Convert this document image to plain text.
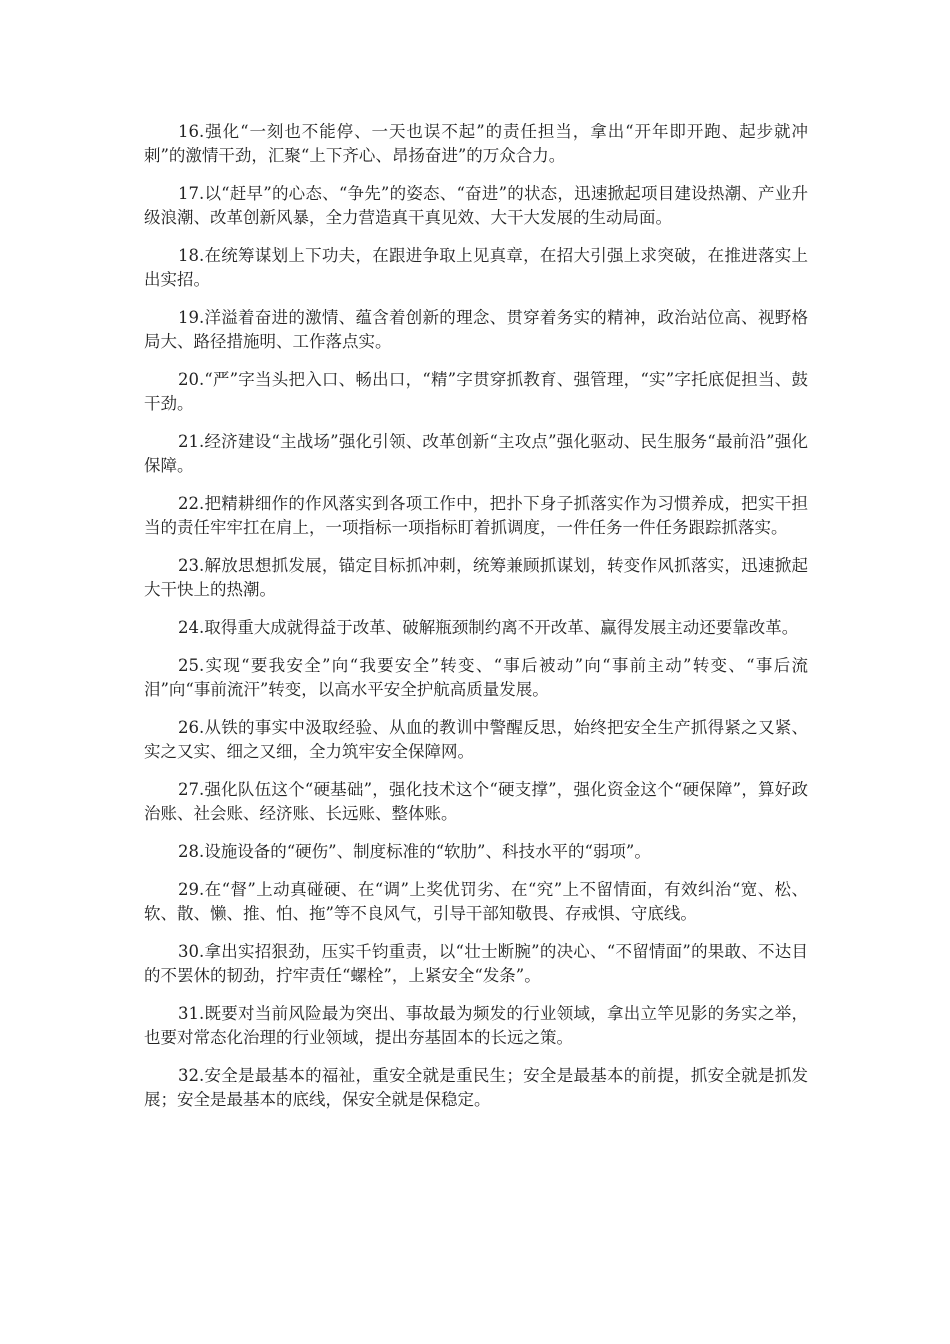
16.强化“一刻也不能停、一天也误不起”的责任担当，拿出“开年即开跑、起步就冲刺”的激情干劲，汇聚“上下齐心、昂扬奋进”的万众合力。

17.以“赶早”的心态、“争先”的姿态、“奋进”的状态，迅速掀起项目建设热潮、产业升级浪潮、改革创新风暴，全力营造真干真见效、大干大发展的生动局面。

18.在统筹谋划上下功夫，在跟进争取上见真章，在招大引强上求突破，在推进落实上出实招。

19.洋溢着奋进的激情、蕴含着创新的理念、贯穿着务实的精神，政治站位高、视野格局大、路径措施明、工作落点实。

20.“严”字当头把入口、畅出口，“精”字贯穿抓教育、强管理，“实”字托底促担当、鼓干劲。

21.经济建设“主战场”强化引领、改革创新“主攻点”强化驱动、民生服务“最前沿”强化保障。

22.把精耕细作的作风落实到各项工作中，把扑下身子抓落实作为习惯养成，把实干担当的责任牢牢扛在肩上，一项指标一项指标盯着抓调度，一件任务一件任务跟踪抓落实。

23.解放思想抓发展，锚定目标抓冲刺，统筹兼顾抓谋划，转变作风抓落实，迅速掀起大干快上的热潮。

24.取得重大成就得益于改革、破解瓶颈制约离不开改革、赢得发展主动还要靠改革。

25.实现“要我安全”向“我要安全”转变、“事后被动”向“事前主动”转变、“事后流泪”向“事前流汗”转变，以高水平安全护航高质量发展。

26.从铁的事实中汲取经验、从血的教训中警醒反思，始终把安全生产抓得紧之又紧、实之又实、细之又细，全力筑牢安全保障网。

27.强化队伍这个“硬基础”，强化技术这个“硬支撑”，强化资金这个“硬保障”，算好政治账、社会账、经济账、长远账、整体账。

28.设施设备的“硬伤”、制度标准的“软肋”、科技水平的“弱项”。

29.在“督”上动真碰硬、在“调”上奖优罚劣、在“究”上不留情面，有效纠治“宽、松、软、散、懒、推、怕、拖”等不良风气，引导干部知敬畏、存戒惧、守底线。

30.拿出实招狠劲，压实千钧重责，以“壮士断腕”的决心、“不留情面”的果敢、不达目的不罢休的韧劲，拧牢责任“螺栓”，上紧安全“发条”。

31.既要对当前风险最为突出、事故最为频发的行业领域，拿出立竿见影的务实之举，也要对常态化治理的行业领域，提出夯基固本的长远之策。

32.安全是最基本的福祉，重安全就是重民生；安全是最基本的前提，抓安全就是抓发展；安全是最基本的底线，保安全就是保稳定。
